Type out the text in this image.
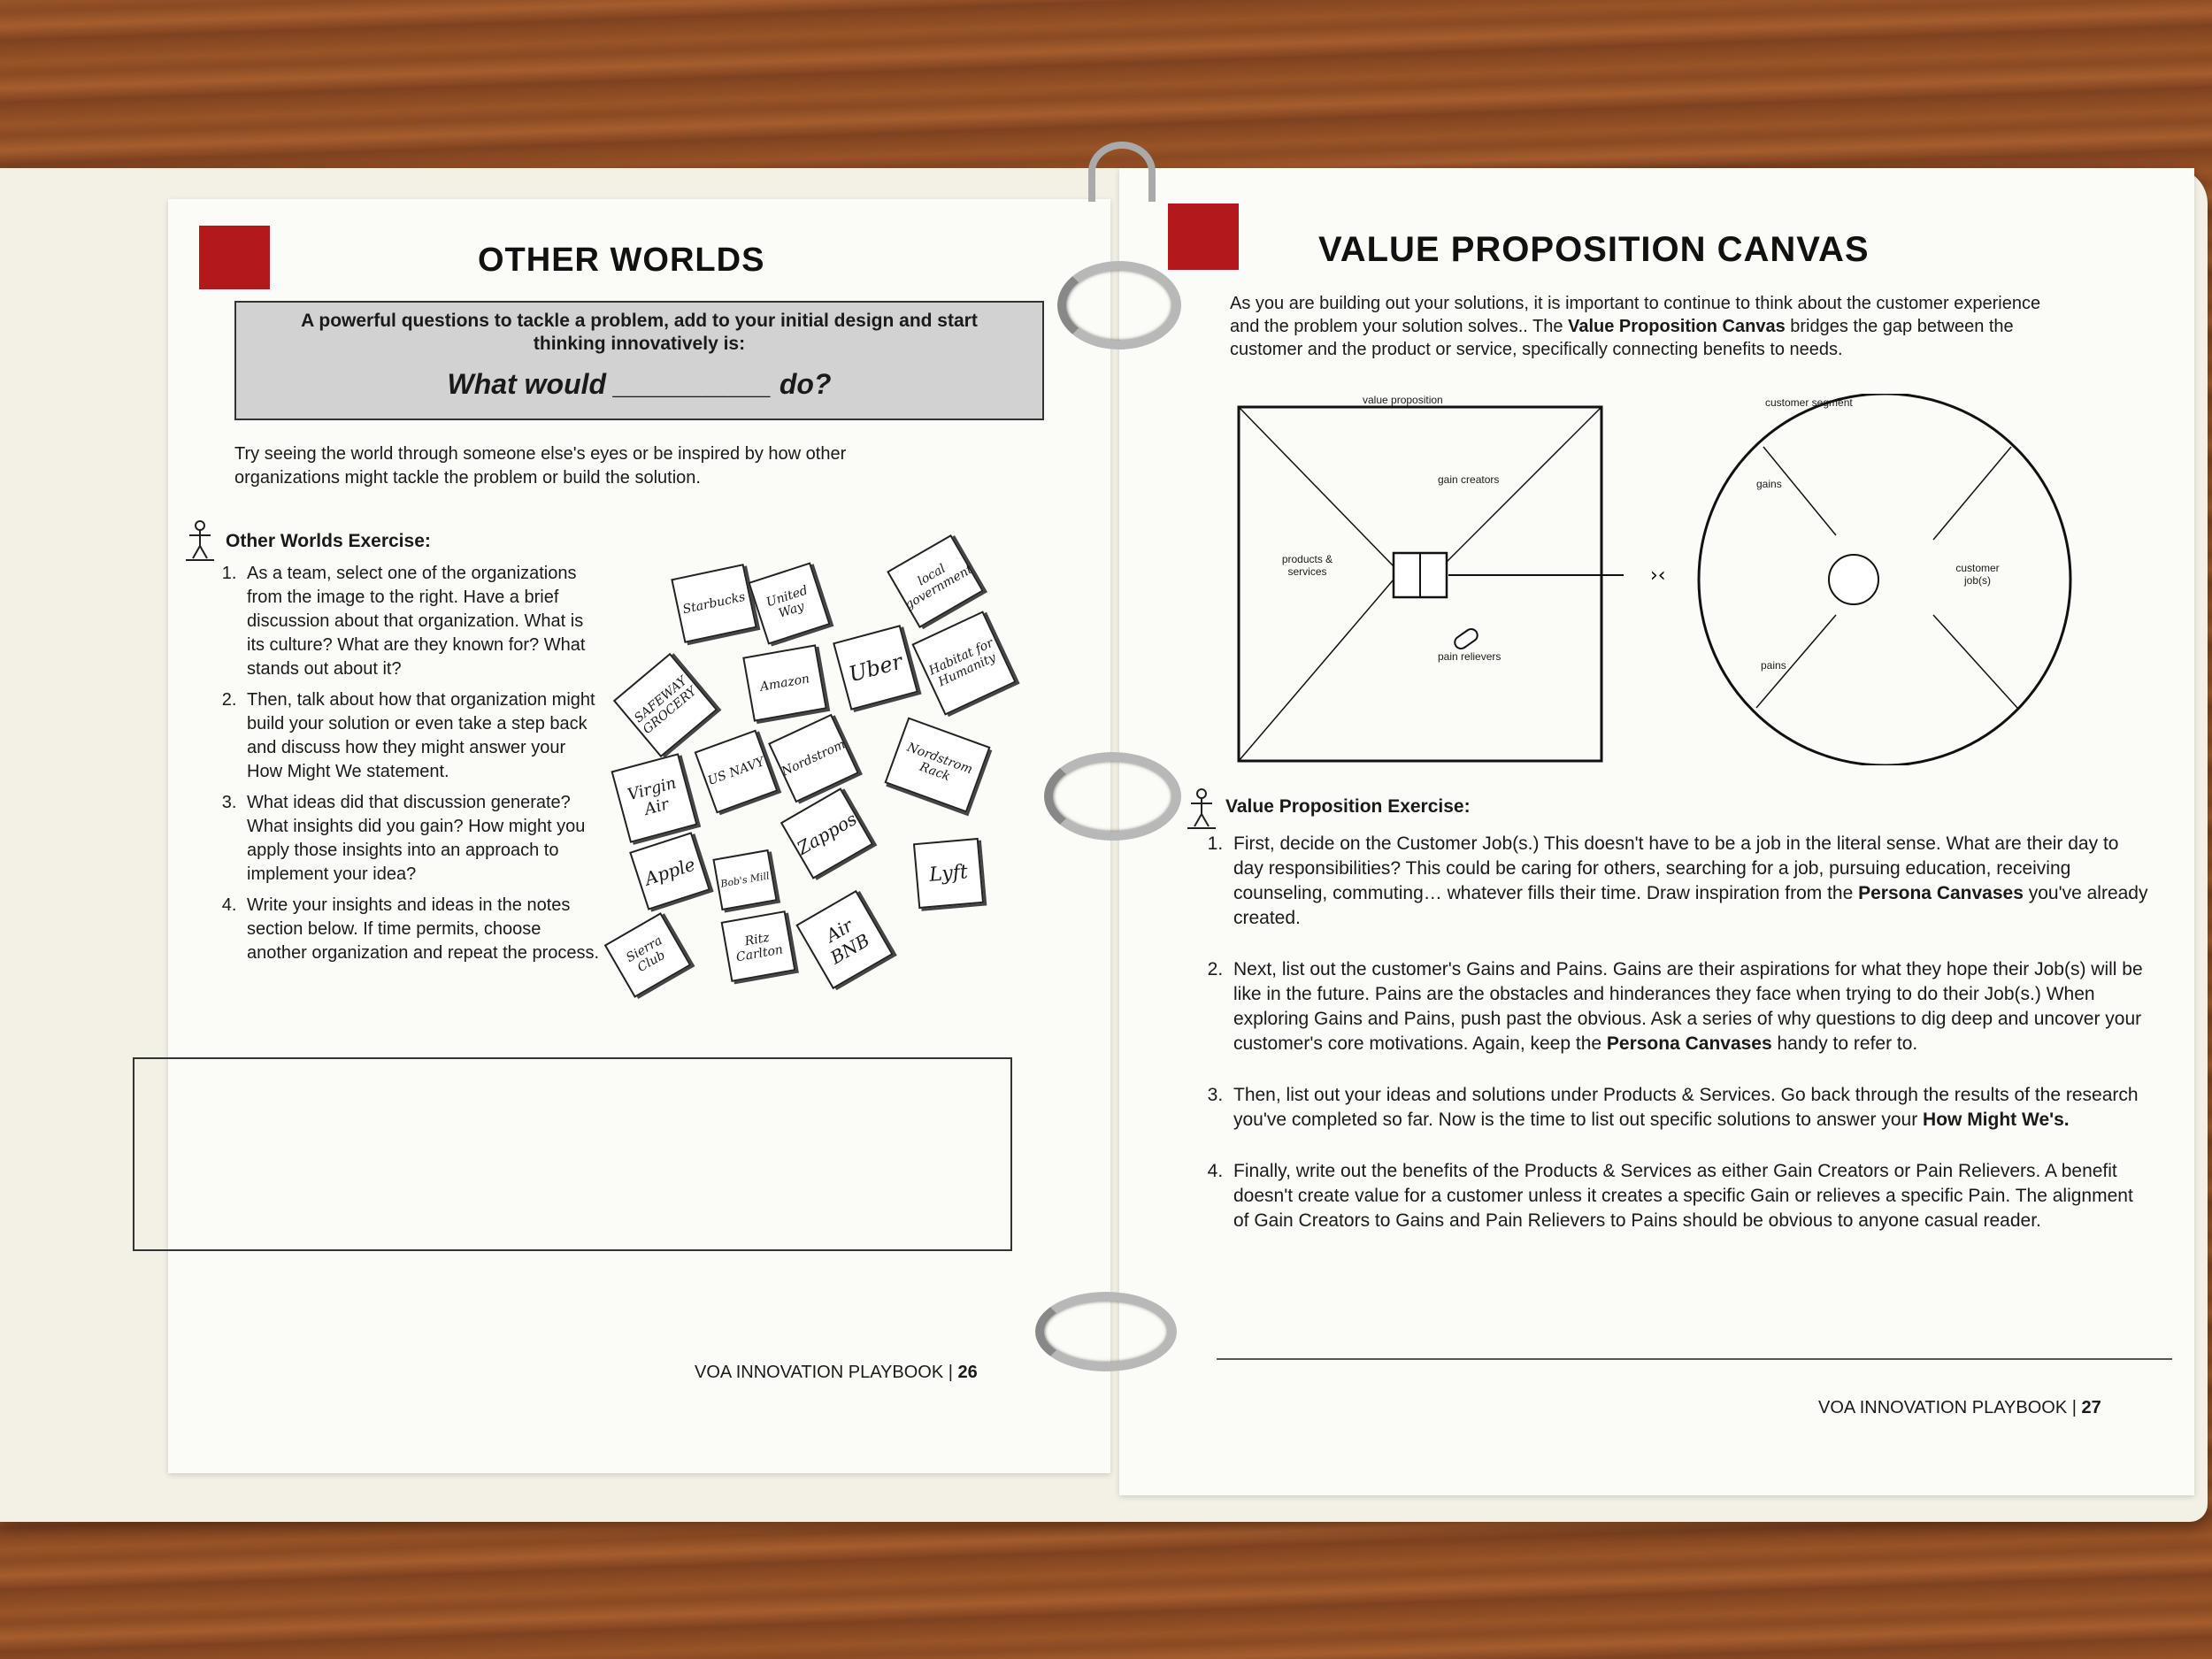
OTHER WORLDS
A powerful questions to tackle a problem, add to your initial design and start thinking innovatively is:
What would __________ do?
Try seeing the world through someone else's eyes or be inspired by how other organizations might tackle the problem or build the solution.
Other Worlds Exercise:
1. As a team, select one of the organizations from the image to the right. Have a brief discussion about that organization. What is its culture? What are they known for? What stands out about it?
2. Then, talk about how that organization might build your solution or even take a step back and discuss how they might answer your How Might We statement.
3. What ideas did that discussion generate? What insights did you gain? How might you apply those insights into an approach to implement your idea?
4. Write your insights and ideas in the notes section below. If time permits, choose another organization and repeat the process.
Starbucks	United Way
local government
Habitat for Humanity
Uber
Amazon
SAFEWAY GROCERY
Nordstrom	Nordstrom Rack
US NAVY
Virgin Air
Zappos
Apple	Lyft
Ritz Carlton
Air BNB
Sierra Club
Bob's Mill
VOA INNOVATION PLAYBOOK | 26
VALUE PROPOSITION CANVAS
As you are building out your solutions, it is important to continue to think about the customer experience and the problem your solution solves.. The Value Proposition Canvas bridges the gap between the customer and the product or service, specifically connecting benefits to needs.
›‹
value proposition	customer segment
gain creators
products & services
pain relievers
gains
customer job(s)
pains
Value Proposition Exercise:
1. First, decide on the Customer Job(s.) This doesn't have to be a job in the literal sense. What are their day to day responsibilities? This could be caring for others, searching for a job, pursuing education, receiving counseling, commuting… whatever fills their time. Draw inspiration from the Persona Canvases you've already created.
2. Next, list out the customer's Gains and Pains. Gains are their aspirations for what they hope their Job(s) will be like in the future. Pains are the obstacles and hinderances they face when trying to do their Job(s.) When exploring Gains and Pains, push past the obvious. Ask a series of why questions to dig deep and uncover your customer's core motivations. Again, keep the Persona Canvases handy to refer to.
3. Then, list out your ideas and solutions under Products & Services. Go back through the results of the research you've completed so far. Now is the time to list out specific solutions to answer your How Might We's.
4. Finally, write out the benefits of the Products & Services as either Gain Creators or Pain Relievers. A benefit doesn't create value for a customer unless it creates a specific Gain or relieves a specific Pain. The alignment of Gain Creators to Gains and Pain Relievers to Pains should be obvious to anyone casual reader.
VOA INNOVATION PLAYBOOK | 27
